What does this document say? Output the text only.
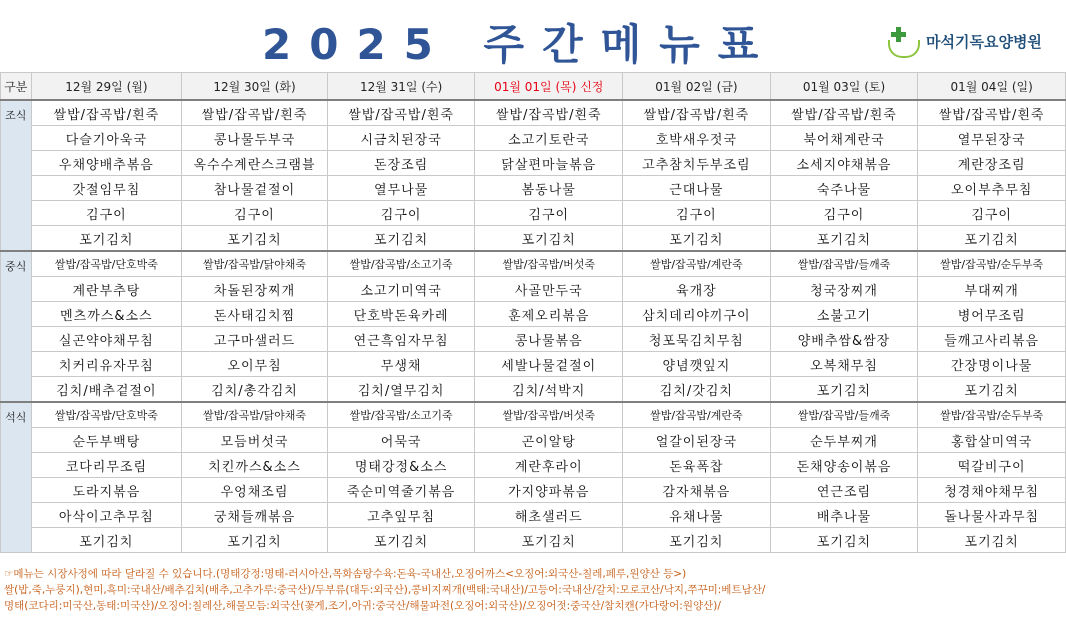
2025 주간메뉴표	마석기독요양병원
구분	12월 29일 (월)	12월 30일 (화)	12월 31일 (수)	01월 01일 (목) 신정	01월 02일 (금)	01월 03일 (토)	01월 04일 (일)
조식	쌀밥/잡곡밥/흰죽	쌀밥/잡곡밥/흰죽	쌀밥/잡곡밥/흰죽	쌀밥/잡곡밥/흰죽	쌀밥/잡곡밥/흰죽	쌀밥/잡곡밥/흰죽	쌀밥/잡곡밥/흰죽
	다슬기아욱국	콩나물두부국	시금치된장국	소고기토란국	호박새우젓국	북어채계란국	열무된장국
	우채양배추볶음	옥수수계란스크램블	돈장조림	닭살편마늘볶음	고추참치두부조림	소세지야채볶음	계란장조림
	갓절임무침	참나물겉절이	열무나물	봄동나물	근대나물	숙주나물	오이부추무침
	김구이	김구이	김구이	김구이	김구이	김구이	김구이
	포기김치	포기김치	포기김치	포기김치	포기김치	포기김치	포기김치
중식	쌀밥/잡곡밥/단호박죽	쌀밥/잡곡밥/닭야채죽	쌀밥/잡곡밥/소고기죽	쌀밥/잡곡밥/버섯죽	쌀밥/잡곡밥/계란죽	쌀밥/잡곡밥/들깨죽	쌀밥/잡곡밥/순두부죽
	계란부추탕	차돌된장찌개	소고기미역국	사골만두국	육개장	청국장찌개	부대찌개
	멘츠까스&소스	돈사태김치찜	단호박돈육카레	훈제오리볶음	삼치데리야끼구이	소불고기	병어무조림
	실곤약야채무침	고구마샐러드	연근흑임자무침	콩나물볶음	청포묵김치무침	양배추쌈&쌈장	들깨고사리볶음
	치커리유자무침	오이무침	무생채	세발나물겉절이	양념깻잎지	오복채무침	간장명이나물
	김치/배추겉절이	김치/총각김치	김치/열무김치	김치/석박지	김치/갓김치	포기김치	포기김치
석식	쌀밥/잡곡밥/단호박죽	쌀밥/잡곡밥/닭야채죽	쌀밥/잡곡밥/소고기죽	쌀밥/잡곡밥/버섯죽	쌀밥/잡곡밥/계란죽	쌀밥/잡곡밥/들깨죽	쌀밥/잡곡밥/순두부죽
	순두부백탕	모듬버섯국	어묵국	곤이알탕	얼갈이된장국	순두부찌개	홍합살미역국
	코다리무조림	치킨까스&소스	명태강정&소스	계란후라이	돈육폭찹	돈채양송이볶음	떡갈비구이
	도라지볶음	우엉채조림	죽순미역줄기볶음	가지양파볶음	감자채볶음	연근조림	청경채야채무침
	아삭이고추무침	궁채들깨볶음	고추잎무침	해초샐러드	유채나물	배추나물	돌나물사과무침
	포기김치	포기김치	포기김치	포기김치	포기김치	포기김치	포기김치
☞메뉴는 시장사정에 따라 달라질 수 있습니다.(명태강정:명태-러시아산,목화솜탕수육:돈육-국내산,오징어까스<오징어:외국산-칠레,페루,원양산 등>)
쌀(밥,죽,누룽지),현미,흑미:국내산/배추김치(배추,고추가루:중국산)/두부류(대두:외국산),콩비지찌개(백태:국내산)/고등어:국내산/갈치:모로코산/낙지,쭈꾸미:베트남산/
명태(코다리:미국산,동태:미국산)/오징어:칠레산,해물모듬:외국산(꽃게,조기,아귀:중국산/해물파전(오징어:외국산)/오징어젓:중국산/참치캔(가다랑어:원양산)/
